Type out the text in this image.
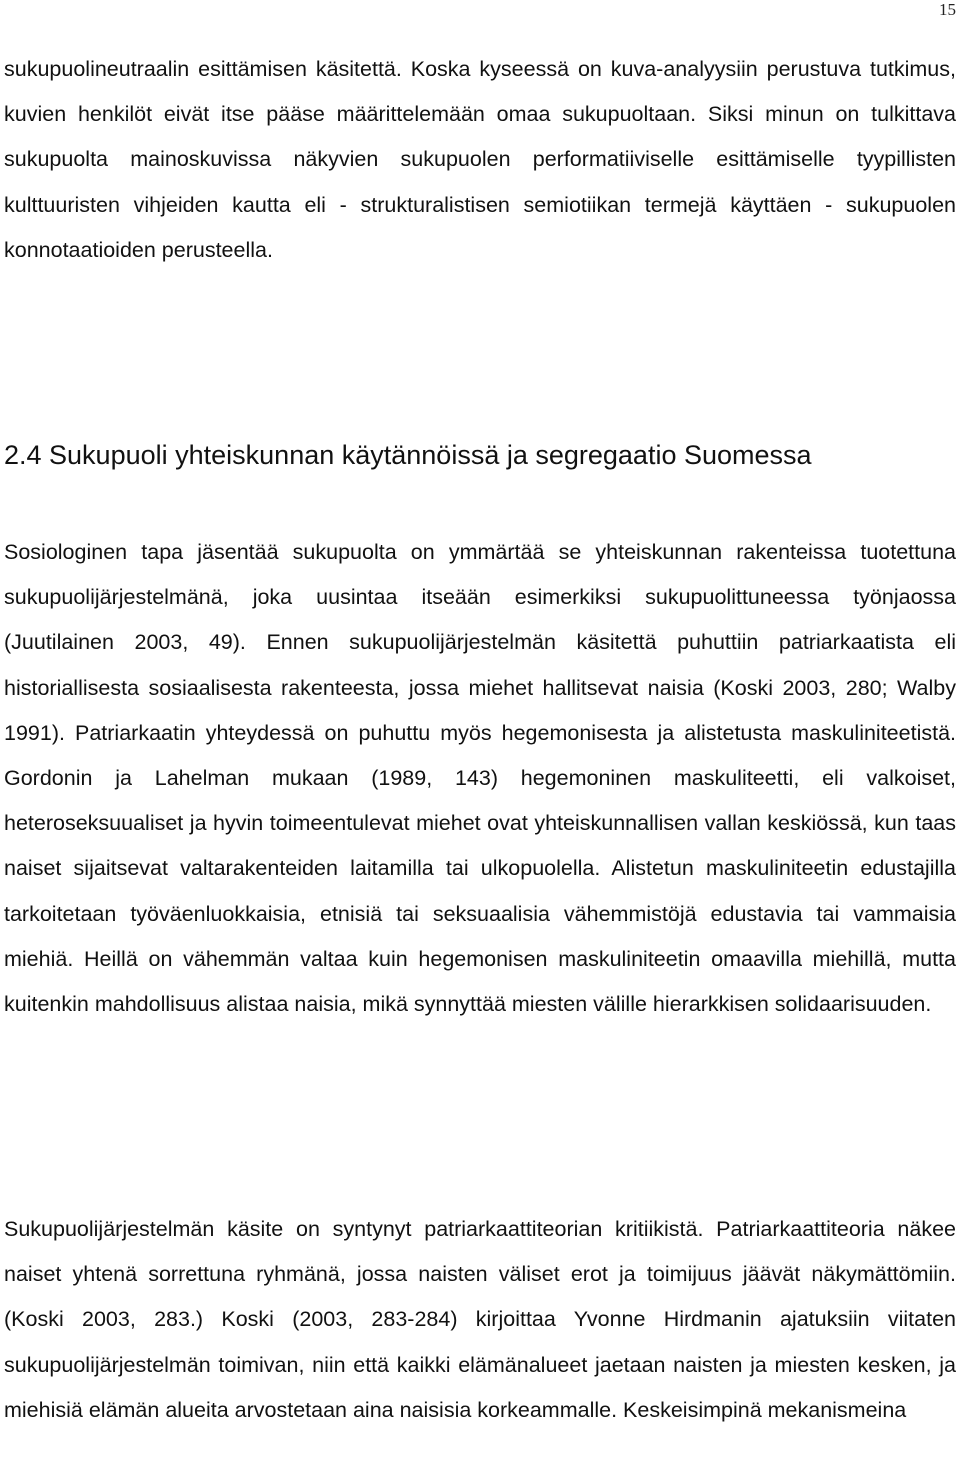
15

sukupuolineutraalin esittämisen käsitettä. Koska kyseessä on kuva-analyysiin perustuva tutkimus, kuvien henkilöt eivät itse pääse määrittelemään omaa sukupuoltaan. Siksi minun on tulkittava sukupuolta mainoskuvissa näkyvien sukupuolen performatiiviselle esittämiselle tyypillisten kulttuuristen vihjeiden kautta eli - strukturalistisen semiotiikan termejä käyttäen - sukupuolen konnotaatioiden perusteella.

2.4 Sukupuoli yhteiskunnan käytännöissä ja segregaatio Suomessa

Sosiologinen tapa jäsentää sukupuolta on ymmärtää se yhteiskunnan rakenteissa tuotettuna sukupuolijärjestelmänä, joka uusintaa itseään esimerkiksi sukupuolittuneessa työnjaossa (Juutilainen 2003, 49). Ennen sukupuolijärjestelmän käsitettä puhuttiin patriarkaatista eli historiallisesta sosiaalisesta rakenteesta, jossa miehet hallitsevat naisia (Koski 2003, 280; Walby 1991). Patriarkaatin yhteydessä on puhuttu myös hegemonisesta ja alistetusta maskuliniteetistä. Gordonin ja Lahelman mukaan (1989, 143) hegemoninen maskuliteetti, eli valkoiset, heteroseksuualiset ja hyvin toimeentulevat miehet ovat yhteiskunnallisen vallan keskiössä, kun taas naiset sijaitsevat valtarakenteiden laitamilla tai ulkopuolella. Alistetun maskuliniteetin edustajilla tarkoitetaan työväenluokkaisia, etnisiä tai seksuaalisia vähemmistöjä edustavia tai vammaisia miehiä. Heillä on vähemmän valtaa kuin hegemonisen maskuliniteetin omaavilla miehillä, mutta kuitenkin mahdollisuus alistaa naisia, mikä synnyttää miesten välille hierarkkisen solidaarisuuden.

Sukupuolijärjestelmän käsite on syntynyt patriarkaattiteorian kritiikistä. Patriarkaattiteoria näkee naiset yhtenä sorrettuna ryhmänä, jossa naisten väliset erot ja toimijuus jäävät näkymättömiin. (Koski 2003, 283.) Koski (2003, 283-284) kirjoittaa Yvonne Hirdmanin ajatuksiin viitaten sukupuolijärjestelmän toimivan, niin että kaikki elämänalueet jaetaan naisten ja miesten kesken, ja miehisiä elämän alueita arvostetaan aina naisisia korkeammalle. Keskeisimpinä mekanismeina
